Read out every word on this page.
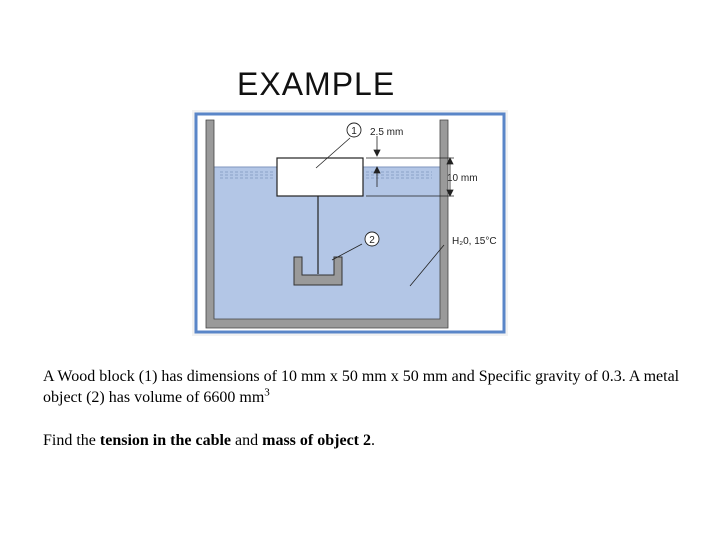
EXAMPLE
1
2
2.5 mm
10 mm
H₂0, 15°C

A Wood block (1) has dimensions of 10 mm x 50 mm x 50 mm and Specific gravity of 0.3. A metal object (2) has volume of 6600 $mm^3$

Find the tension in the cable and mass of object 2.
